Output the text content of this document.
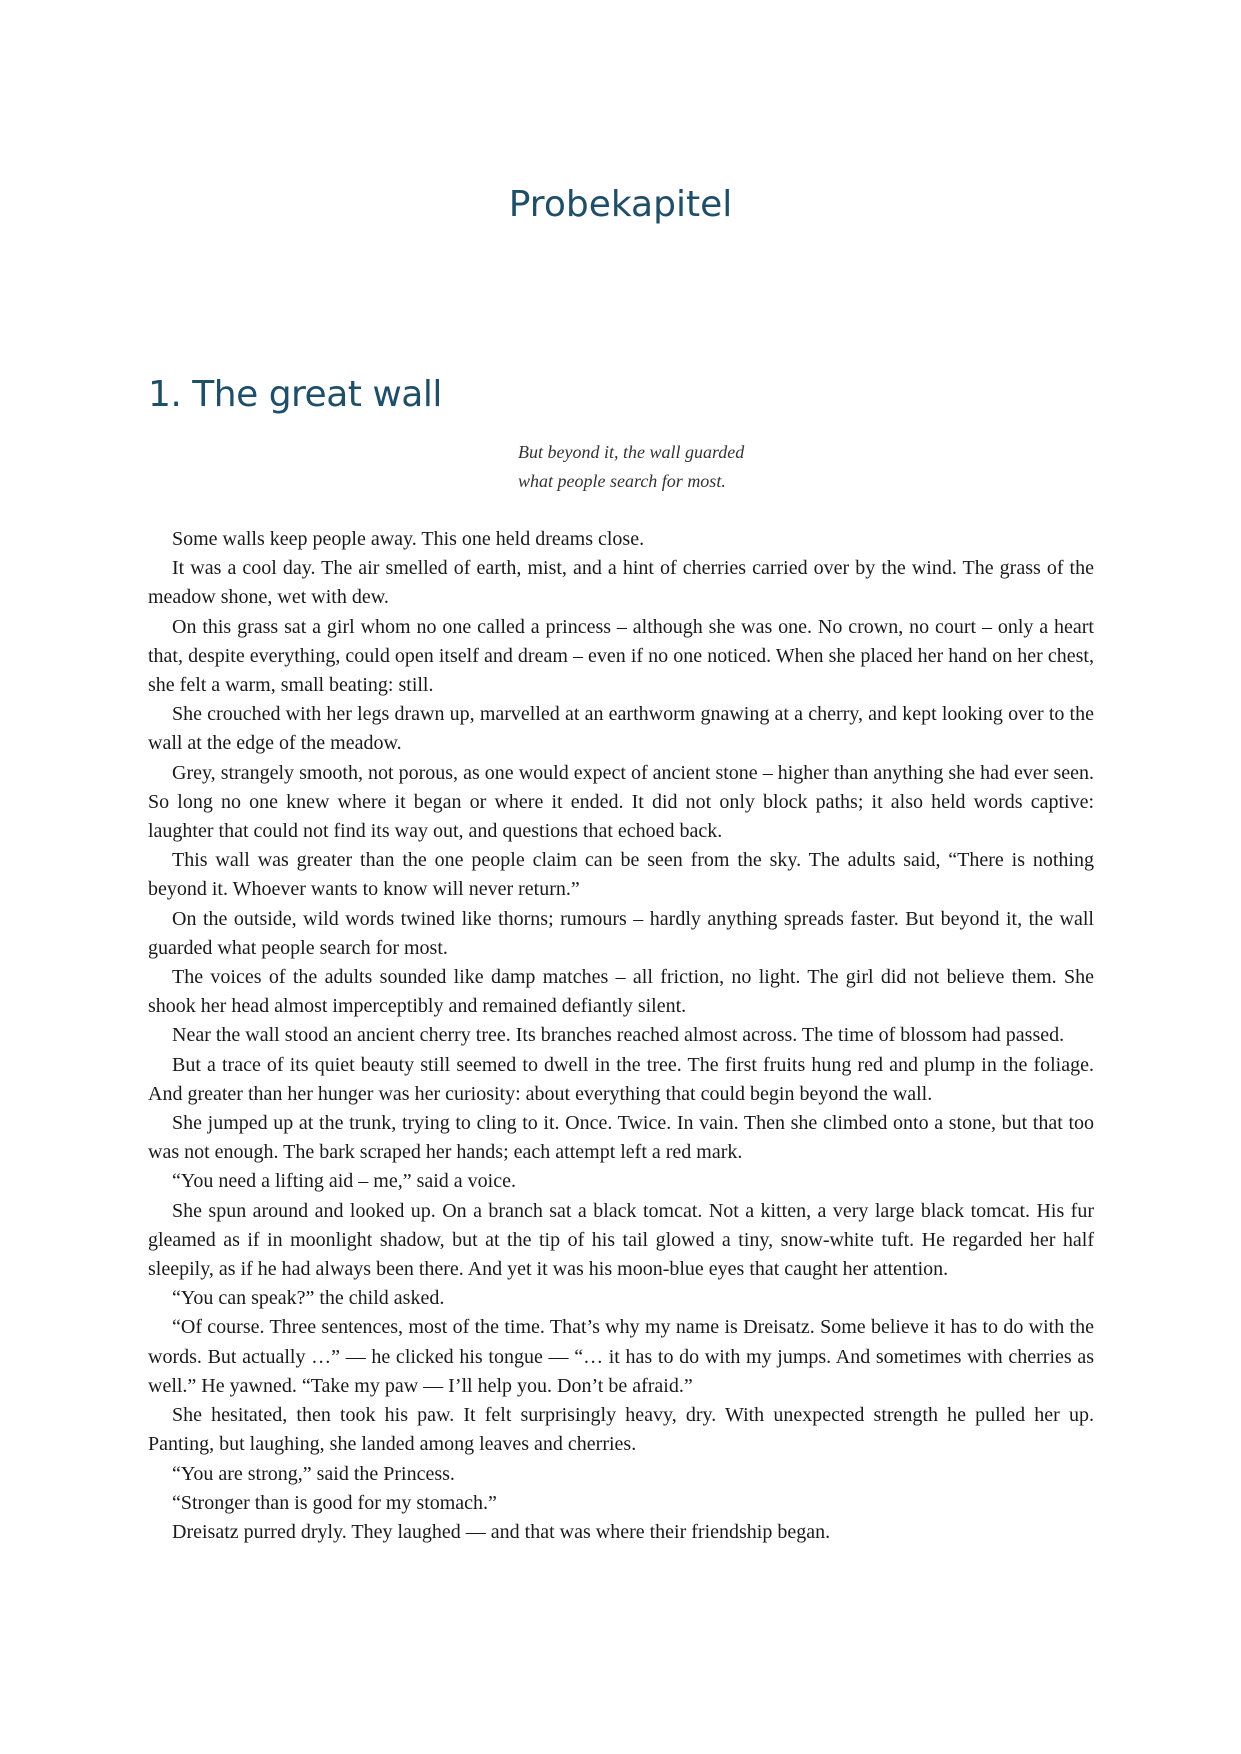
Probekapitel
1. The great wall
But beyond it, the wall guarded
what people search for most.

Some walls keep people away. This one held dreams close.

It was a cool day. The air smelled of earth, mist, and a hint of cherries carried over by the wind. The grass of the meadow shone, wet with dew.

On this grass sat a girl whom no one called a princess – although she was one. No crown, no court – only a heart that, despite everything, could open itself and dream – even if no one noticed. When she placed her hand on her chest, she felt a warm, small beating: still.

She crouched with her legs drawn up, marvelled at an earthworm gnawing at a cherry, and kept looking over to the wall at the edge of the meadow.

Grey, strangely smooth, not porous, as one would expect of ancient stone – higher than anything she had ever seen. So long no one knew where it began or where it ended. It did not only block paths; it also held words captive: laughter that could not find its way out, and questions that echoed back.

This wall was greater than the one people claim can be seen from the sky. The adults said, “There is nothing beyond it. Whoever wants to know will never return.”

On the outside, wild words twined like thorns; rumours – hardly anything spreads faster. But beyond it, the wall guarded what people search for most.

The voices of the adults sounded like damp matches – all friction, no light. The girl did not believe them. She shook her head almost imperceptibly and remained defiantly silent.

Near the wall stood an ancient cherry tree. Its branches reached almost across. The time of blossom had passed.

But a trace of its quiet beauty still seemed to dwell in the tree. The first fruits hung red and plump in the foliage. And greater than her hunger was her curiosity: about everything that could begin beyond the wall.

She jumped up at the trunk, trying to cling to it. Once. Twice. In vain. Then she climbed onto a stone, but that too was not enough. The bark scraped her hands; each attempt left a red mark.

“You need a lifting aid – me,” said a voice.

She spun around and looked up. On a branch sat a black tomcat. Not a kitten, a very large black tomcat. His fur gleamed as if in moonlight shadow, but at the tip of his tail glowed a tiny, snow-white tuft. He regarded her half sleepily, as if he had always been there. And yet it was his moon-blue eyes that caught her attention.

“You can speak?” the child asked.

“Of course. Three sentences, most of the time. That’s why my name is Dreisatz. Some believe it has to do with the words. But actually …” — he clicked his tongue — “… it has to do with my jumps. And sometimes with cherries as well.” He yawned. “Take my paw — I’ll help you. Don’t be afraid.”

She hesitated, then took his paw. It felt surprisingly heavy, dry. With unexpected strength he pulled her up. Panting, but laughing, she landed among leaves and cherries.

“You are strong,” said the Princess.

“Stronger than is good for my stomach.”

Dreisatz purred dryly. They laughed — and that was where their friendship began.
